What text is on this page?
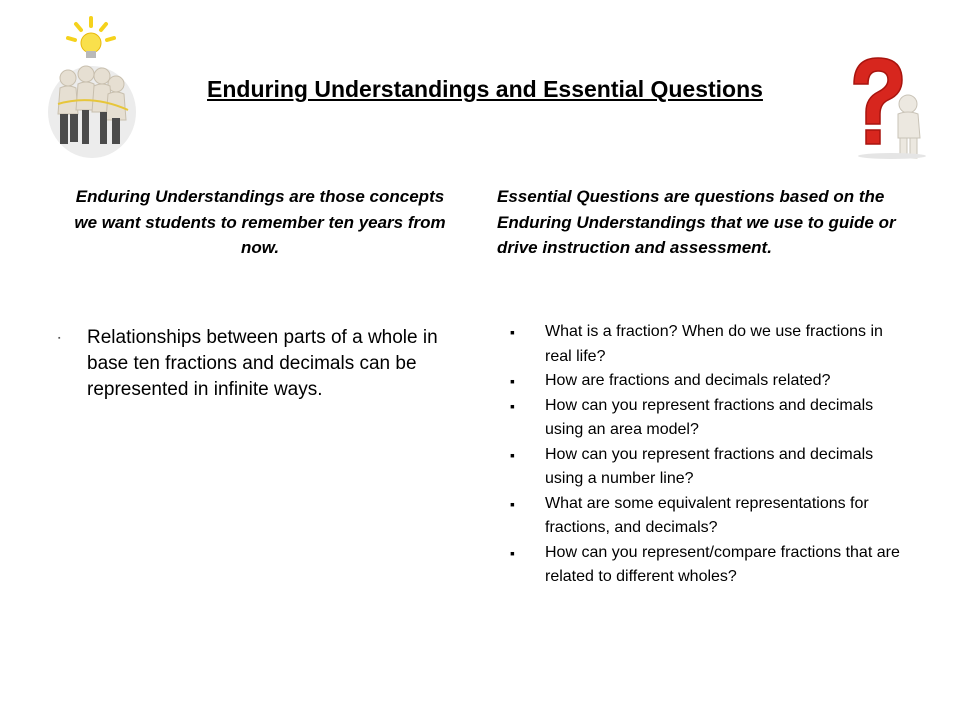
Enduring Understandings and Essential Questions
Enduring Understandings are those concepts we want students to remember ten years from now.
Essential Questions are questions based on the Enduring Understandings that we use to guide or drive instruction and assessment.
▪ Relationships between parts of a whole in base ten fractions and decimals can be represented in infinite ways.
▪ What is a fraction? When do we use fractions in real life?
▪ How are fractions and decimals related?
▪ How can you represent fractions and decimals using an area model?
▪ How can you represent fractions and decimals using a number line?
▪ What are some equivalent representations for fractions, and decimals?
▪ How can you represent/compare fractions that are related to different wholes?
